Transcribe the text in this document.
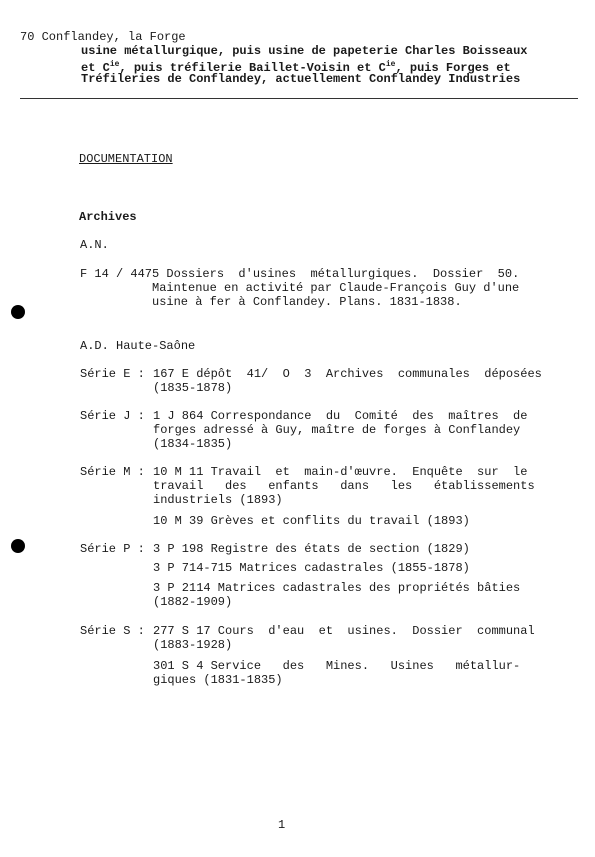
70 Conflandey, la Forge
usine métallurgique, puis usine de papeterie Charles Boisseaux
et $C^{ie}$, puis tréfilerie Baillet-Voisin et $C^{ie}$, puis Forges et
Tréfileries de Conflandey, actuellement Conflandey Industries
DOCUMENTATION
Archives
A.N.
F 14 / 4475 Dossiers  d'usines  métallurgiques.  Dossier  50.
Maintenue en activité par Claude-François Guy d'une
usine à fer à Conflandey. Plans. 1831-1838.
A.D. Haute-Saône
Série E : 167 E dépôt  41/  O  3  Archives  communales  déposées
(1835-1878)
Série J : 1 J 864 Correspondance  du  Comité  des  maîtres  de
forges adressé à Guy, maître de forges à Conflandey
(1834-1835)
Série M : 10 M 11 Travail  et  main-d'œuvre.  Enquête  sur  le
travail   des   enfants   dans   les   établissements
industriels (1893)
10 M 39 Grèves et conflits du travail (1893)
Série P : 3 P 198 Registre des états de section (1829)
3 P 714-715 Matrices cadastrales (1855-1878)
3 P 2114 Matrices cadastrales des propriétés bâties
(1882-1909)
Série S : 277 S 17 Cours  d'eau  et  usines.  Dossier  communal
(1883-1928)
301 S 4 Service   des   Mines.   Usines   métallur-
giques (1831-1835)
1
